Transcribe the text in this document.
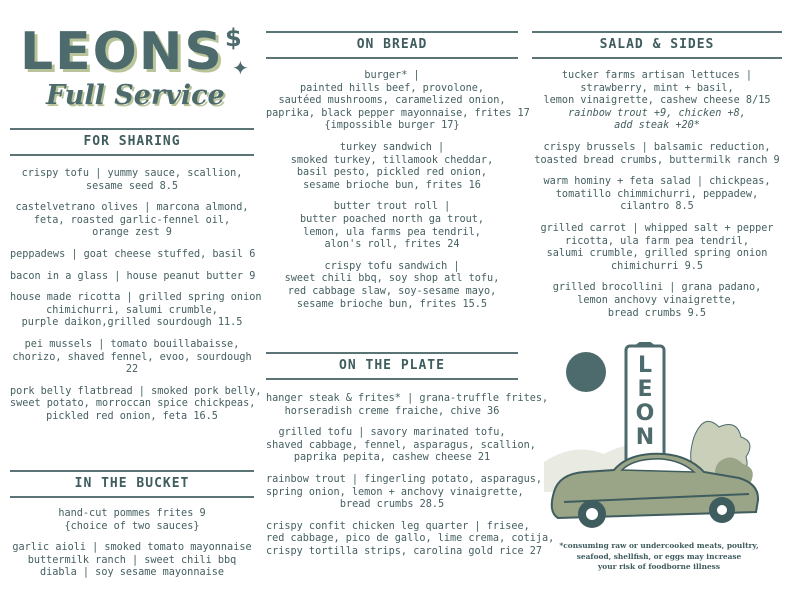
LEONS $
✦
Full Service
FOR SHARING
crispy tofu | yummy sauce, scallion,
sesame seed 8.5
castelvetrano olives | marcona almond,
feta, roasted garlic-fennel oil,
orange zest 9
peppadews | goat cheese stuffed, basil 6
bacon in a glass | house peanut butter 9
house made ricotta | grilled spring onion
chimichurri, salumi crumble,
purple daikon,grilled sourdough 11.5
pei mussels | tomato bouillabaisse,
chorizo, shaved fennel, evoo, sourdough
22
pork belly flatbread | smoked pork belly,
sweet potato, morroccan spice chickpeas,
pickled red onion, feta 16.5
IN THE BUCKET
hand-cut pommes frites 9
{choice of two sauces}
garlic aioli | smoked tomato mayonnaise
buttermilk ranch | sweet chili bbq
diabla | soy sesame mayonnaise
ON BREAD
burger* |
painted hills beef, provolone,
sautéed mushrooms, caramelized onion,
paprika, black pepper mayonnaise, frites 17
{impossible burger 17}
turkey sandwich |
smoked turkey, tillamook cheddar,
basil pesto, pickled red onion,
sesame brioche bun, frites 16
butter trout roll |
butter poached north ga trout,
lemon, ula farms pea tendril,
alon's roll, frites 24
crispy tofu sandwich |
sweet chili bbq, soy shop atl tofu,
red cabbage slaw, soy-sesame mayo,
sesame brioche bun, frites 15.5
ON THE PLATE
hanger steak & frites* | grana-truffle frites,
horseradish creme fraiche, chive 36
grilled tofu | savory marinated tofu,
shaved cabbage, fennel, asparagus, scallion,
paprika pepita, cashew cheese 21
rainbow trout | fingerling potato, asparagus,
spring onion, lemon + anchovy vinaigrette,
bread crumbs 28.5
crispy confit chicken leg quarter | frisee,
red cabbage, pico de gallo, lime crema, cotija,
crispy tortilla strips, carolina gold rice 27
SALAD & SIDES
tucker farms artisan lettuces |
strawberry, mint + basil,
lemon vinaigrette, cashew cheese 8/15
rainbow trout +9, chicken +8,
add steak +20*
crispy brussels | balsamic reduction,
toasted bread crumbs, buttermilk ranch 9
warm hominy + feta salad | chickpeas,
tomatillo chimmichurri, peppadew,
cilantro 8.5
grilled carrot | whipped salt + pepper
ricotta, ula farm pea tendril,
salumi crumble, grilled spring onion
chimichurri 9.5
grilled brocollini | grana padano,
lemon anchovy vinaigrette,
bread crumbs 9.5
L
E
O
N
*consuming raw or undercooked meats, poultry,
seafood, shellfish, or eggs may increase
your risk of foodborne illness
